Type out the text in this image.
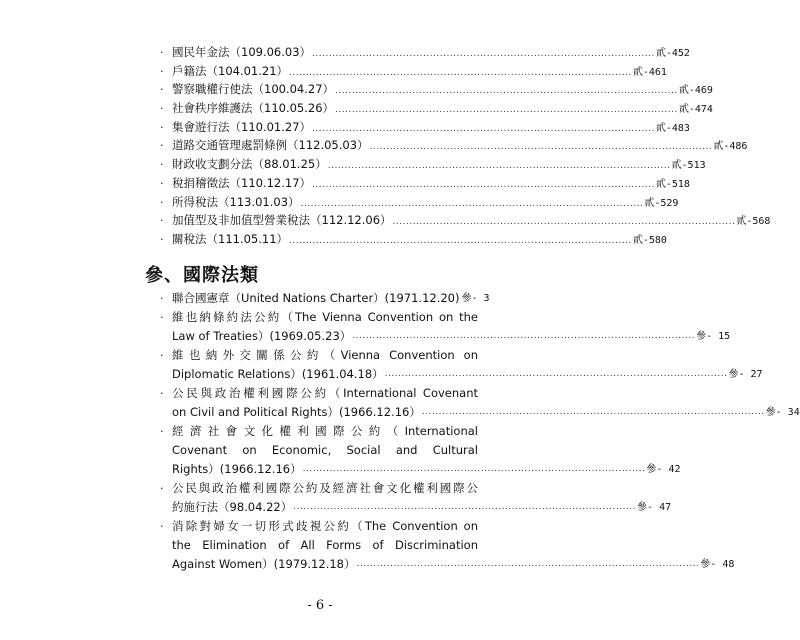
‧ 國民年金法（109.06.03） ...................................................................................................... 貳-452
‧ 戶籍法（104.01.21） ...................................................................................................... 貳-461
‧ 警察職權行使法（100.04.27） ...................................................................................................... 貳-469
‧ 社會秩序維護法（110.05.26） ...................................................................................................... 貳-474
‧ 集會遊行法（110.01.27） ...................................................................................................... 貳-483
‧ 道路交通管理處罰條例（112.05.03） ...................................................................................................... 貳-486
‧ 財政收支劃分法（88.01.25） ...................................................................................................... 貳-513
‧ 稅捐稽徵法（110.12.17） ...................................................................................................... 貳-518
‧ 所得稅法（113.01.03） ...................................................................................................... 貳-529
‧ 加值型及非加值型營業稅法（112.12.06） ...................................................................................................... 貳-568
‧ 關稅法（111.05.11） ...................................................................................................... 貳-580
參、國際法類
‧ 聯合國憲章（United Nations Charter）(1971.12.20) 參- 3
‧ 維也納條約法公約（The Vienna Convention on the
Law of Treaties）(1969.05.23） ...................................................................................................... 參- 15
‧ 維也納外交關係公約（Vienna Convention on
Diplomatic Relations）(1961.04.18） ...................................................................................................... 參- 27
‧ 公民與政治權利國際公約（International Covenant
on Civil and Political Rights）(1966.12.16） ...................................................................................................... 參- 34
‧ 經濟社會文化權利國際公約（International
Covenant on Economic, Social and Cultural
Rights）(1966.12.16） ...................................................................................................... 參- 42
‧ 公民與政治權利國際公約及經濟社會文化權利國際公
約施行法（98.04.22） ...................................................................................................... 參- 47
‧ 消除對婦女一切形式歧視公約（The Convention on
the Elimination of All Forms of Discrimination
Against Women）(1979.12.18） ...................................................................................................... 參- 48
- 6 -
